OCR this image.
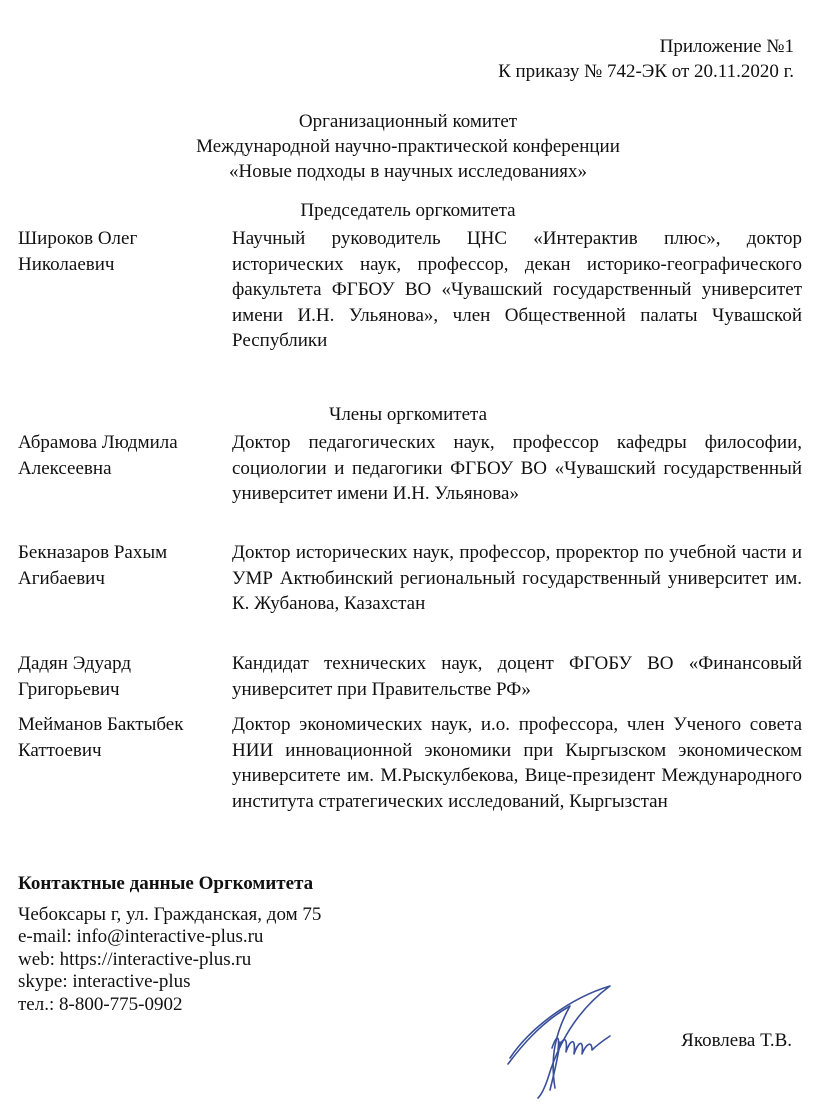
Приложение №1
К приказу № 742-ЭК от 20.11.2020 г.
Организационный комитет
Международной научно-практической конференции
«Новые подходы в научных исследованиях»
Председатель оргкомитета
Широков Олег Николаевич
Научный руководитель ЦНС «Интерактив плюс», доктор исторических наук, профессор, декан историко-географического факультета ФГБОУ ВО «Чувашский государственный университет имени И.Н. Ульянова», член Общественной палаты Чувашской Республики
Члены оргкомитета
Абрамова Людмила Алексеевна
Доктор педагогических наук, профессор кафедры философии, социологии и педагогики ФГБОУ ВО «Чувашский государственный университет имени И.Н. Ульянова»
Бекназаров Рахым Агибаевич
Доктор исторических наук, профессор, проректор по учебной части и УМР Актюбинский региональный государственный университет им. К. Жубанова, Казахстан
Дадян Эдуард Григорьевич
Кандидат технических наук, доцент ФГОБУ ВО «Финансовый университет при Правительстве РФ»
Мейманов Бактыбек Каттоевич
Доктор экономических наук, и.о. профессора, член Ученого совета НИИ инновационной экономики при Кыргызском экономическом университете им. М.Рыскулбекова, Вице-президент Международного института стратегических исследований, Кыргызстан
Контактные данные Оргкомитета
Чебоксары г, ул. Гражданская, дом 75
e-mail: info@interactive-plus.ru
web: https://interactive-plus.ru
skype: interactive-plus
тел.: 8-800-775-0902
Яковлева Т.В.
